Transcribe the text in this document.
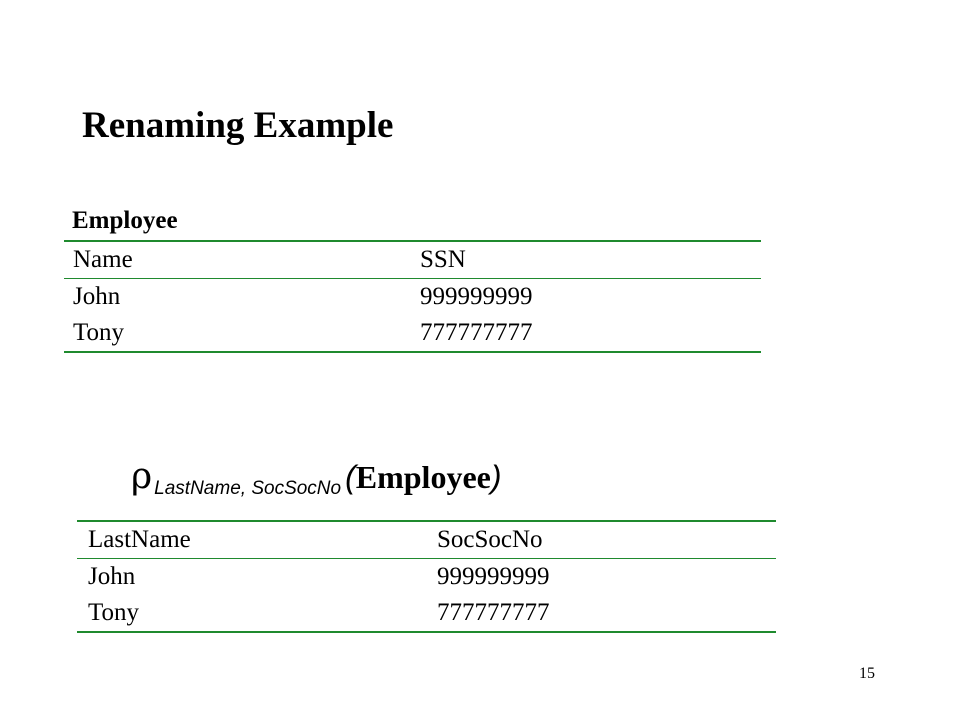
Renaming Example
Employee
Name	SSN
John	999999999
Tony	777777777
ρ LastName, SocSocNo (Employee)
LastName	SocSocNo
John	999999999
Tony	777777777
15
